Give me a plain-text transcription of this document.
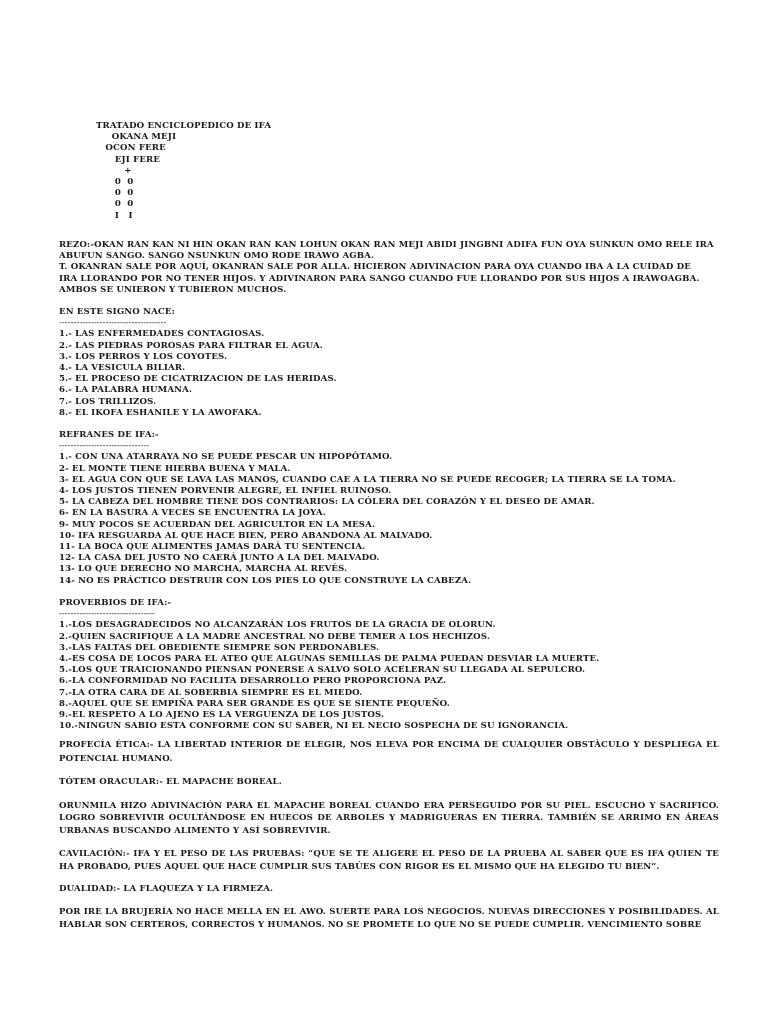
TRATADO ENCICLOPEDICO DE IFA
OKANA MEJI
OCON FERE
EJI FERE
+
0  0
0  0
0  0
I   I
REZO:-OKAN RAN KAN NI HIN OKAN RAN KAN LOHUN OKAN RAN MEJI ABIDI JINGBNI ADIFA FUN OYA SUNKUN OMO RELE IRA
ABUFUN SANGO. SANGO NSUNKUN OMO RODE IRAWO AGBA.
T. OKANRAN SALE POR AQUÍ, OKANRAN SALE POR ALLA. HICIERON ADIVINACION PARA OYA CUANDO IBA A LA CUIDAD DE
IRA LLORANDO POR NO TENER HIJOS. Y ADIVINARON PARA SANGO CUANDO FUE LLORANDO POR SUS HIJOS A IRAWOAGBA.
AMBOS SE UNIERON Y TUBIERON MUCHOS.
EN ESTE SIGNO NACE:
-------------------------------------
1.- LAS ENFERMEDADES CONTAGIOSAS.
2.- LAS PIEDRAS POROSAS PARA FILTRAR EL AGUA.
3.- LOS PERROS Y LOS COYOTES.
4.- LA VESICULA BILIAR.
5.- EL PROCESO DE CICATRIZACION DE LAS HERIDAS.
6.- LA PALABRA HUMANA.
7.- LOS TRILLIZOS.
8.- EL IKOFA ESHANILE Y LA AWOFAKA.
REFRANES DE IFA:-
-------------------------------
1.- CON UNA ATARRAYA NO SE PUEDE PESCAR UN HIPOPÓTAMO.
2- EL MONTE TIENE HIERBA BUENA Y MALA.
3- EL AGUA CON QUE SE LAVA LAS MANOS, CUANDO CAE A LA TIERRA NO SE PUEDE RECOGER; LA TIERRA SE LA TOMA.
4- LOS JUSTOS TIENEN PORVENIR ALEGRE, EL INFIEL RUINOSO.
5- LA CABEZA DEL HOMBRE TIENE DOS CONTRARIOS: LA CÓLERA DEL CORAZÓN Y EL DESEO DE AMAR.
6- EN LA BASURA A VECES SE ENCUENTRA LA JOYA.
9- MUY POCOS SE ACUERDAN DEL AGRICULTOR EN LA MESA.
10- IFA RESGUARDA AL QUE HACE BIEN, PERO ABANDONA AL MALVADO.
11- LA BOCA QUE ALIMENTES JAMAS DARÁ TU SENTENCIA.
12- LA CASA DEL JUSTO NO CAERÁ JUNTO A LA DEL MALVADO.
13- LO QUE DERECHO NO MARCHA, MARCHA AL REVÉS.
14- NO ES PRÁCTICO DESTRUIR CON LOS PIES LO QUE CONSTRUYE LA CABEZA.
PROVERBIOS DE IFA:-
---------------------------------
1.-LOS DESAGRADECIDOS NO ALCANZARÁN LOS FRUTOS DE LA GRACIA DE OLORUN.
2.-QUIEN SACRIFIQUE A LA MADRE ANCESTRAL NO DEBE TEMER A LOS HECHIZOS.
3.-LAS FALTAS DEL OBEDIENTE SIEMPRE SON PERDONABLES.
4.-ES COSA DE LOCOS PARA EL ATEO QUE ALGUNAS SEMILLAS DE PALMA PUEDAN DESVIAR LA MUERTE.
5.-LOS QUE TRAICIONANDO PIENSAN PONERSE A SALVO SOLO ACELERAN SU LLEGADA AL SEPULCRO.
6.-LA CONFORMIDAD NO FACILITA DESARROLLO PERO PROPORCIONA PAZ.
7.-LA OTRA CARA DE AL SOBERBIA SIEMPRE ES EL MIEDO.
8.-AQUEL QUE SE EMPIÑA PARA SER GRANDE ES QUE SE SIENTE PEQUEÑO.
9.-EL RESPETO A LO AJENO ES LA VERGUENZA DE LOS JUSTOS.
10.-NINGUN SABIO ESTA CONFORME CON SU SABER, NI EL NECIO SOSPECHA DE SU IGNORANCIA.
PROFECÍA ÉTICA:- LA LIBERTAD INTERIOR DE ELEGIR, NOS ELEVA POR ENCIMA DE CUALQUIER OBSTÁCULO Y DESPLIEGA EL POTENCIAL HUMANO.
TÓTEM ORACULAR:- EL MAPACHE BOREAL.
ORUNMILA HIZO ADIVINACIÓN PARA EL MAPACHE BOREAL CUANDO ERA PERSEGUIDO POR SU PIEL. ESCUCHO Y SACRIFICO. LOGRO SOBREVIVIR OCULTÁNDOSE EN HUECOS DE ARBOLES Y MADRIGUERAS EN TIERRA. TAMBIÉN SE ARRIMO EN ÁREAS URBANAS BUSCANDO ALIMENTO Y ASÍ SOBREVIVIR.
CAVILACIÓN:- IFA Y EL PESO DE LAS PRUEBAS: “QUE SE TE ALIGERE EL PESO DE LA PRUEBA AL SABER QUE ES IFA QUIEN TE HA PROBADO, PUES AQUEL QUE HACE CUMPLIR SUS TABÚES CON RIGOR ES EL MISMO QUE HA ELEGIDO TU BIEN”.
DUALIDAD:- LA FLAQUEZA Y LA FIRMEZA.
POR IRE LA BRUJERÍA NO HACE MELLA EN EL AWO. SUERTE PARA LOS NEGOCIOS. NUEVAS DIRECCIONES Y POSIBILIDADES. AL HABLAR SON CERTEROS, CORRECTOS Y HUMANOS. NO SE PROMETE LO QUE NO SE PUEDE CUMPLIR. VENCIMIENTO SOBRE
